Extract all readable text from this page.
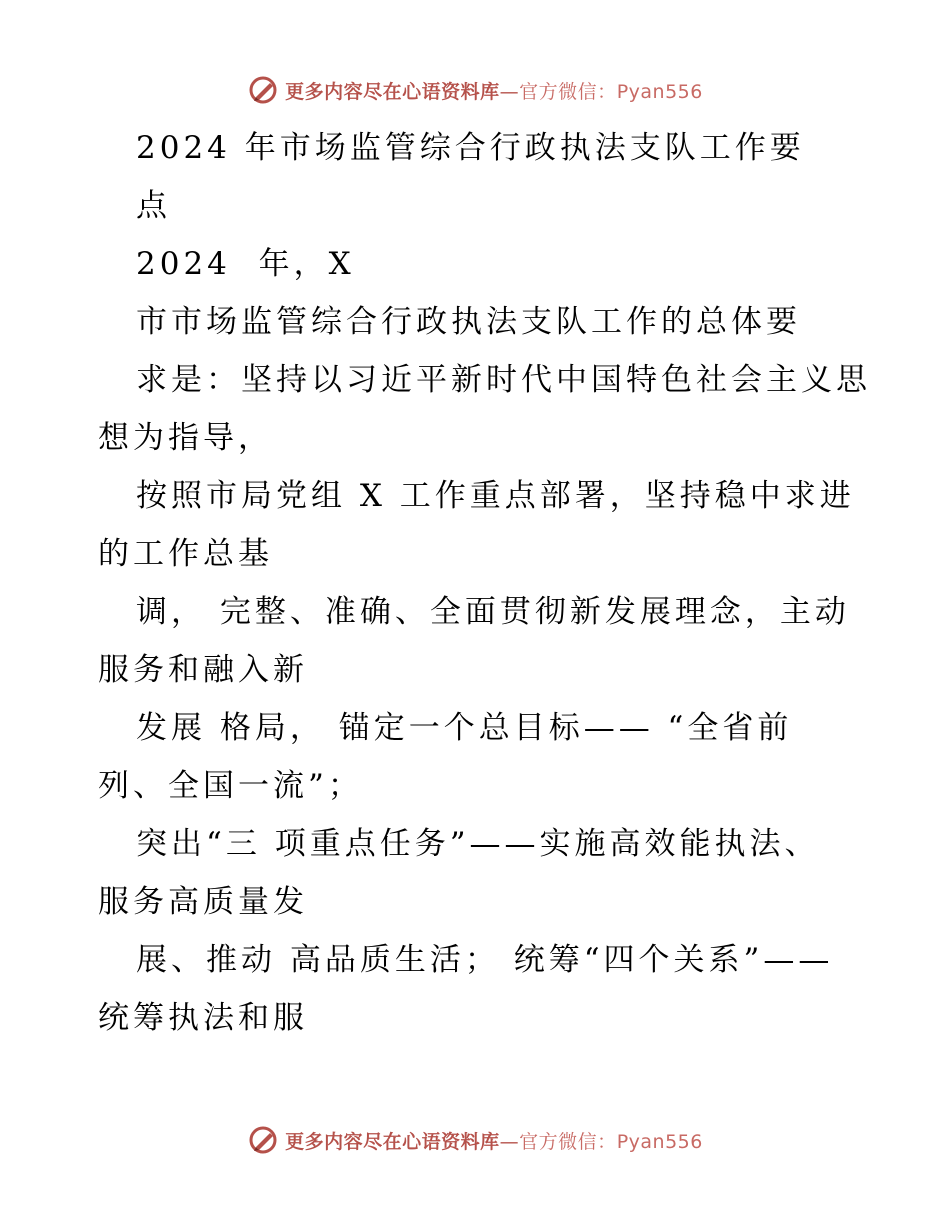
更多内容尽在心语资料库—官方微信：Pyan556
2024 年市场监管综合行政执法支队工作要
点
2024  年，X
市市场监管综合行政执法支队工作的总体要
求是：坚持以习近平新时代中国特色社会主义思
想为指导，
按照市局党组 X 工作重点部署，坚持稳中求进
的工作总基
调， 完整、准确、全面贯彻新发展理念，主动
服务和融入新
发展 格局， 锚定一个总目标—— “全省前
列、全国一流”；
突出“三 项重点任务”——实施高效能执法、
服务高质量发
展、推动 高品质生活； 统筹“四个关系”——
统筹执法和服
更多内容尽在心语资料库—官方微信：Pyan556
